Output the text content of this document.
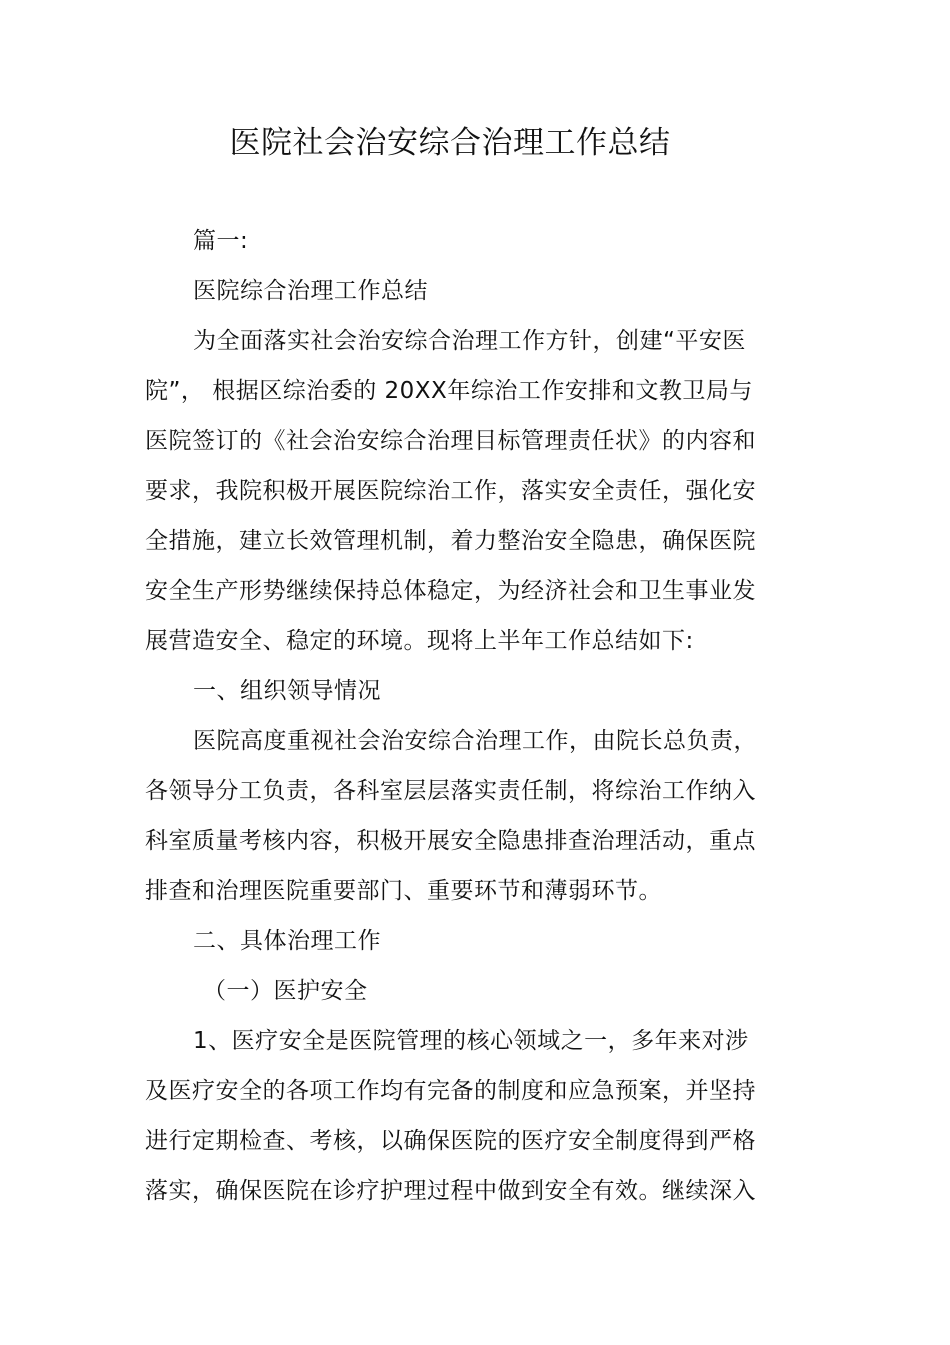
医院社会治安综合治理工作总结
篇一:
医院综合治理工作总结
为全面落实社会治安综合治理工作方针，创建“平安医
院”， 根据区综治委的 20XX年综治工作安排和文教卫局与
医院签订的《社会治安综合治理目标管理责任状》的内容和
要求，我院积极开展医院综治工作，落实安全责任，强化安
全措施，建立长效管理机制，着力整治安全隐患，确保医院
安全生产形势继续保持总体稳定，为经济社会和卫生事业发
展营造安全、稳定的环境。现将上半年工作总结如下:
一、组织领导情况
医院高度重视社会治安综合治理工作，由院长总负责，
各领导分工负责，各科室层层落实责任制，将综治工作纳入
科室质量考核内容，积极开展安全隐患排查治理活动，重点
排查和治理医院重要部门、重要环节和薄弱环节。
二、具体治理工作
（一）医护安全
1、医疗安全是医院管理的核心领域之一，多年来对涉
及医疗安全的各项工作均有完备的制度和应急预案，并坚持
进行定期检查、考核，以确保医院的医疗安全制度得到严格
落实，确保医院在诊疗护理过程中做到安全有效。继续深入
